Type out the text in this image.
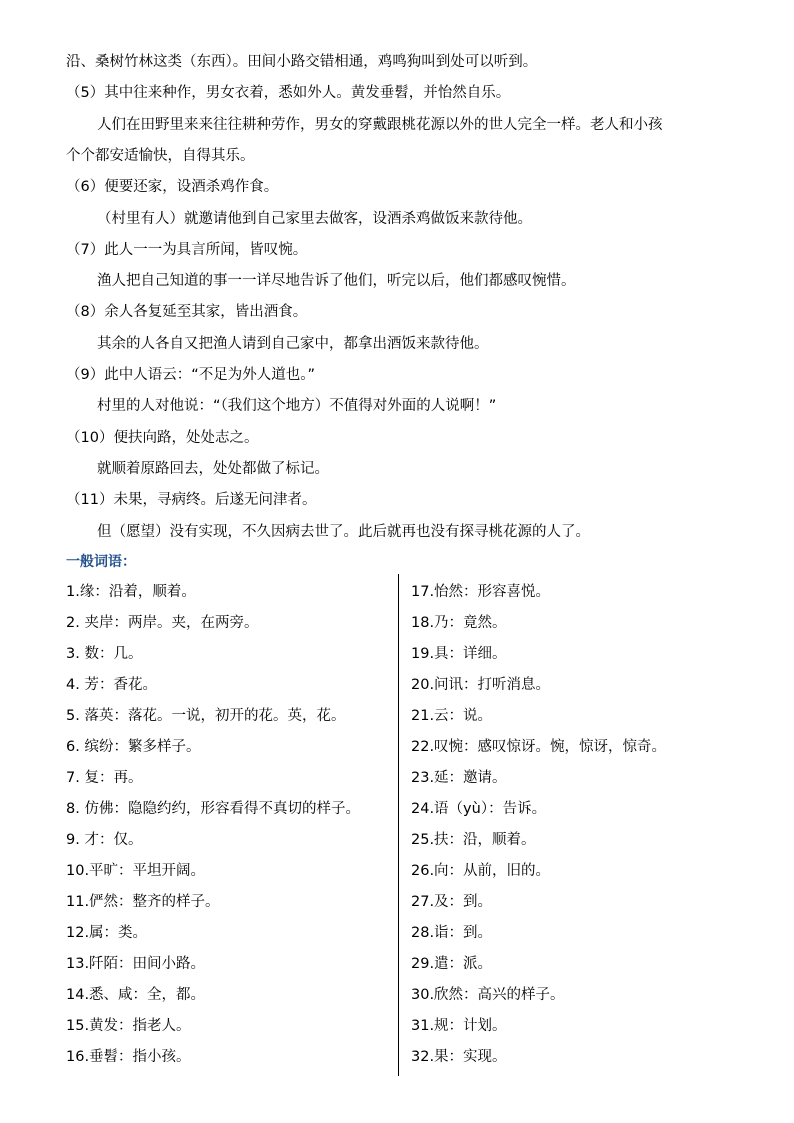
沿、桑树竹林这类（东西）。田间小路交错相通，鸡鸣狗叫到处可以听到。
（5）其中往来种作，男女衣着，悉如外人。黄发垂髫，并怡然自乐。
人们在田野里来来往往耕种劳作，男女的穿戴跟桃花源以外的世人完全一样。老人和小孩
个个都安适愉快，自得其乐。
（6）便要还家，设酒杀鸡作食。
（村里有人）就邀请他到自己家里去做客，设酒杀鸡做饭来款待他。
（7）此人一一为具言所闻，皆叹惋。
渔人把自己知道的事一一详尽地告诉了他们，听完以后，他们都感叹惋惜。
（8）余人各复延至其家，皆出酒食。
其余的人各自又把渔人请到自己家中，都拿出酒饭来款待他。
（9）此中人语云：“不足为外人道也。”
村里的人对他说：“（我们这个地方）不值得对外面的人说啊！”
（10）便扶向路，处处志之。
就顺着原路回去，处处都做了标记。
（11）未果，寻病终。后遂无问津者。
但（愿望）没有实现，不久因病去世了。此后就再也没有探寻桃花源的人了。
一般词语：
1.缘：沿着，顺着。
2. 夹岸：两岸。夹，在两旁。
3. 数：几。
4. 芳：香花。
5. 落英：落花。一说，初开的花。英，花。
6. 缤纷：繁多样子。
7. 复：再。
8. 仿佛：隐隐约约，形容看得不真切的样子。
9. 才：仅。
10.平旷：平坦开阔。
11.俨然：整齐的样子。
12.属：类。
13.阡陌：田间小路。
14.悉、咸：全，都。
15.黄发：指老人。
16.垂髫：指小孩。
17.怡然：形容喜悦。
18.乃：竟然。
19.具：详细。
20.问讯：打听消息。
21.云：说。
22.叹惋：感叹惊讶。惋，惊讶，惊奇。
23.延：邀请。
24.语（yù）：告诉。
25.扶：沿，顺着。
26.向：从前，旧的。
27.及：到。
28.诣：到。
29.遣：派。
30.欣然：高兴的样子。
31.规：计划。
32.果：实现。
